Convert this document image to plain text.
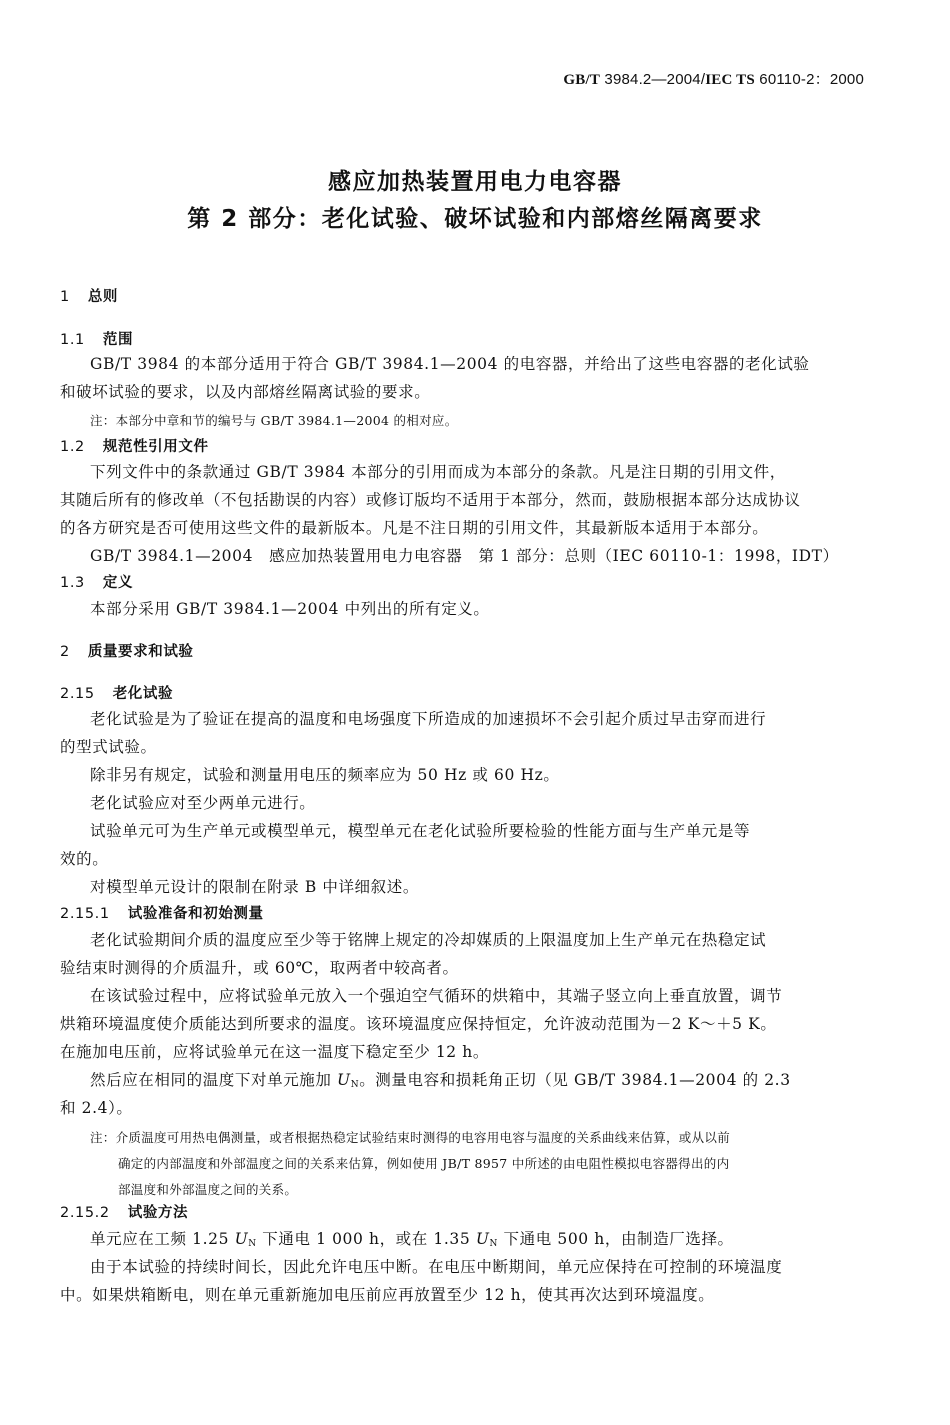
GB/T 3984.2—2004/IEC TS 60110-2：2000
感应加热装置用电力电容器
第 2 部分：老化试验、破坏试验和内部熔丝隔离要求
1 总则
1.1 范围
GB/T 3984 的本部分适用于符合 GB/T 3984.1—2004 的电容器，并给出了这些电容器的老化试验
和破坏试验的要求，以及内部熔丝隔离试验的要求。
注：本部分中章和节的编号与 GB/T 3984.1—2004 的相对应。
1.2 规范性引用文件
下列文件中的条款通过 GB/T 3984 本部分的引用而成为本部分的条款。凡是注日期的引用文件，
其随后所有的修改单（不包括勘误的内容）或修订版均不适用于本部分，然而，鼓励根据本部分达成协议
的各方研究是否可使用这些文件的最新版本。凡是不注日期的引用文件，其最新版本适用于本部分。
GB/T 3984.1—2004　感应加热装置用电力电容器　第 1 部分：总则（IEC 60110-1：1998，IDT）
1.3 定义
本部分采用 GB/T 3984.1—2004 中列出的所有定义。
2 质量要求和试验
2.15 老化试验
老化试验是为了验证在提高的温度和电场强度下所造成的加速损坏不会引起介质过早击穿而进行
的型式试验。
除非另有规定，试验和测量用电压的频率应为 50 Hz 或 60 Hz。
老化试验应对至少两单元进行。
试验单元可为生产单元或模型单元，模型单元在老化试验所要检验的性能方面与生产单元是等
效的。
对模型单元设计的限制在附录 B 中详细叙述。
2.15.1 试验准备和初始测量
老化试验期间介质的温度应至少等于铭牌上规定的冷却媒质的上限温度加上生产单元在热稳定试
验结束时测得的介质温升，或 60℃，取两者中较高者。
在该试验过程中，应将试验单元放入一个强迫空气循环的烘箱中，其端子竖立向上垂直放置，调节
烘箱环境温度使介质能达到所要求的温度。该环境温度应保持恒定，允许波动范围为－2 K～＋5 K。
在施加电压前，应将试验单元在这一温度下稳定至少 12 h。
然后应在相同的温度下对单元施加 $U_N$。测量电容和损耗角正切（见 GB/T 3984.1—2004 的 2.3
和 2.4）。
注：介质温度可用热电偶测量，或者根据热稳定试验结束时测得的电容用电容与温度的关系曲线来估算，或从以前
确定的内部温度和外部温度之间的关系来估算，例如使用 JB/T 8957 中所述的由电阻性模拟电容器得出的内
部温度和外部温度之间的关系。
2.15.2 试验方法
单元应在工频 1.25 $U_N$ 下通电 1 000 h，或在 1.35 $U_N$ 下通电 500 h，由制造厂选择。
由于本试验的持续时间长，因此允许电压中断。在电压中断期间，单元应保持在可控制的环境温度
中。如果烘箱断电，则在单元重新施加电压前应再放置至少 12 h，使其再次达到环境温度。
